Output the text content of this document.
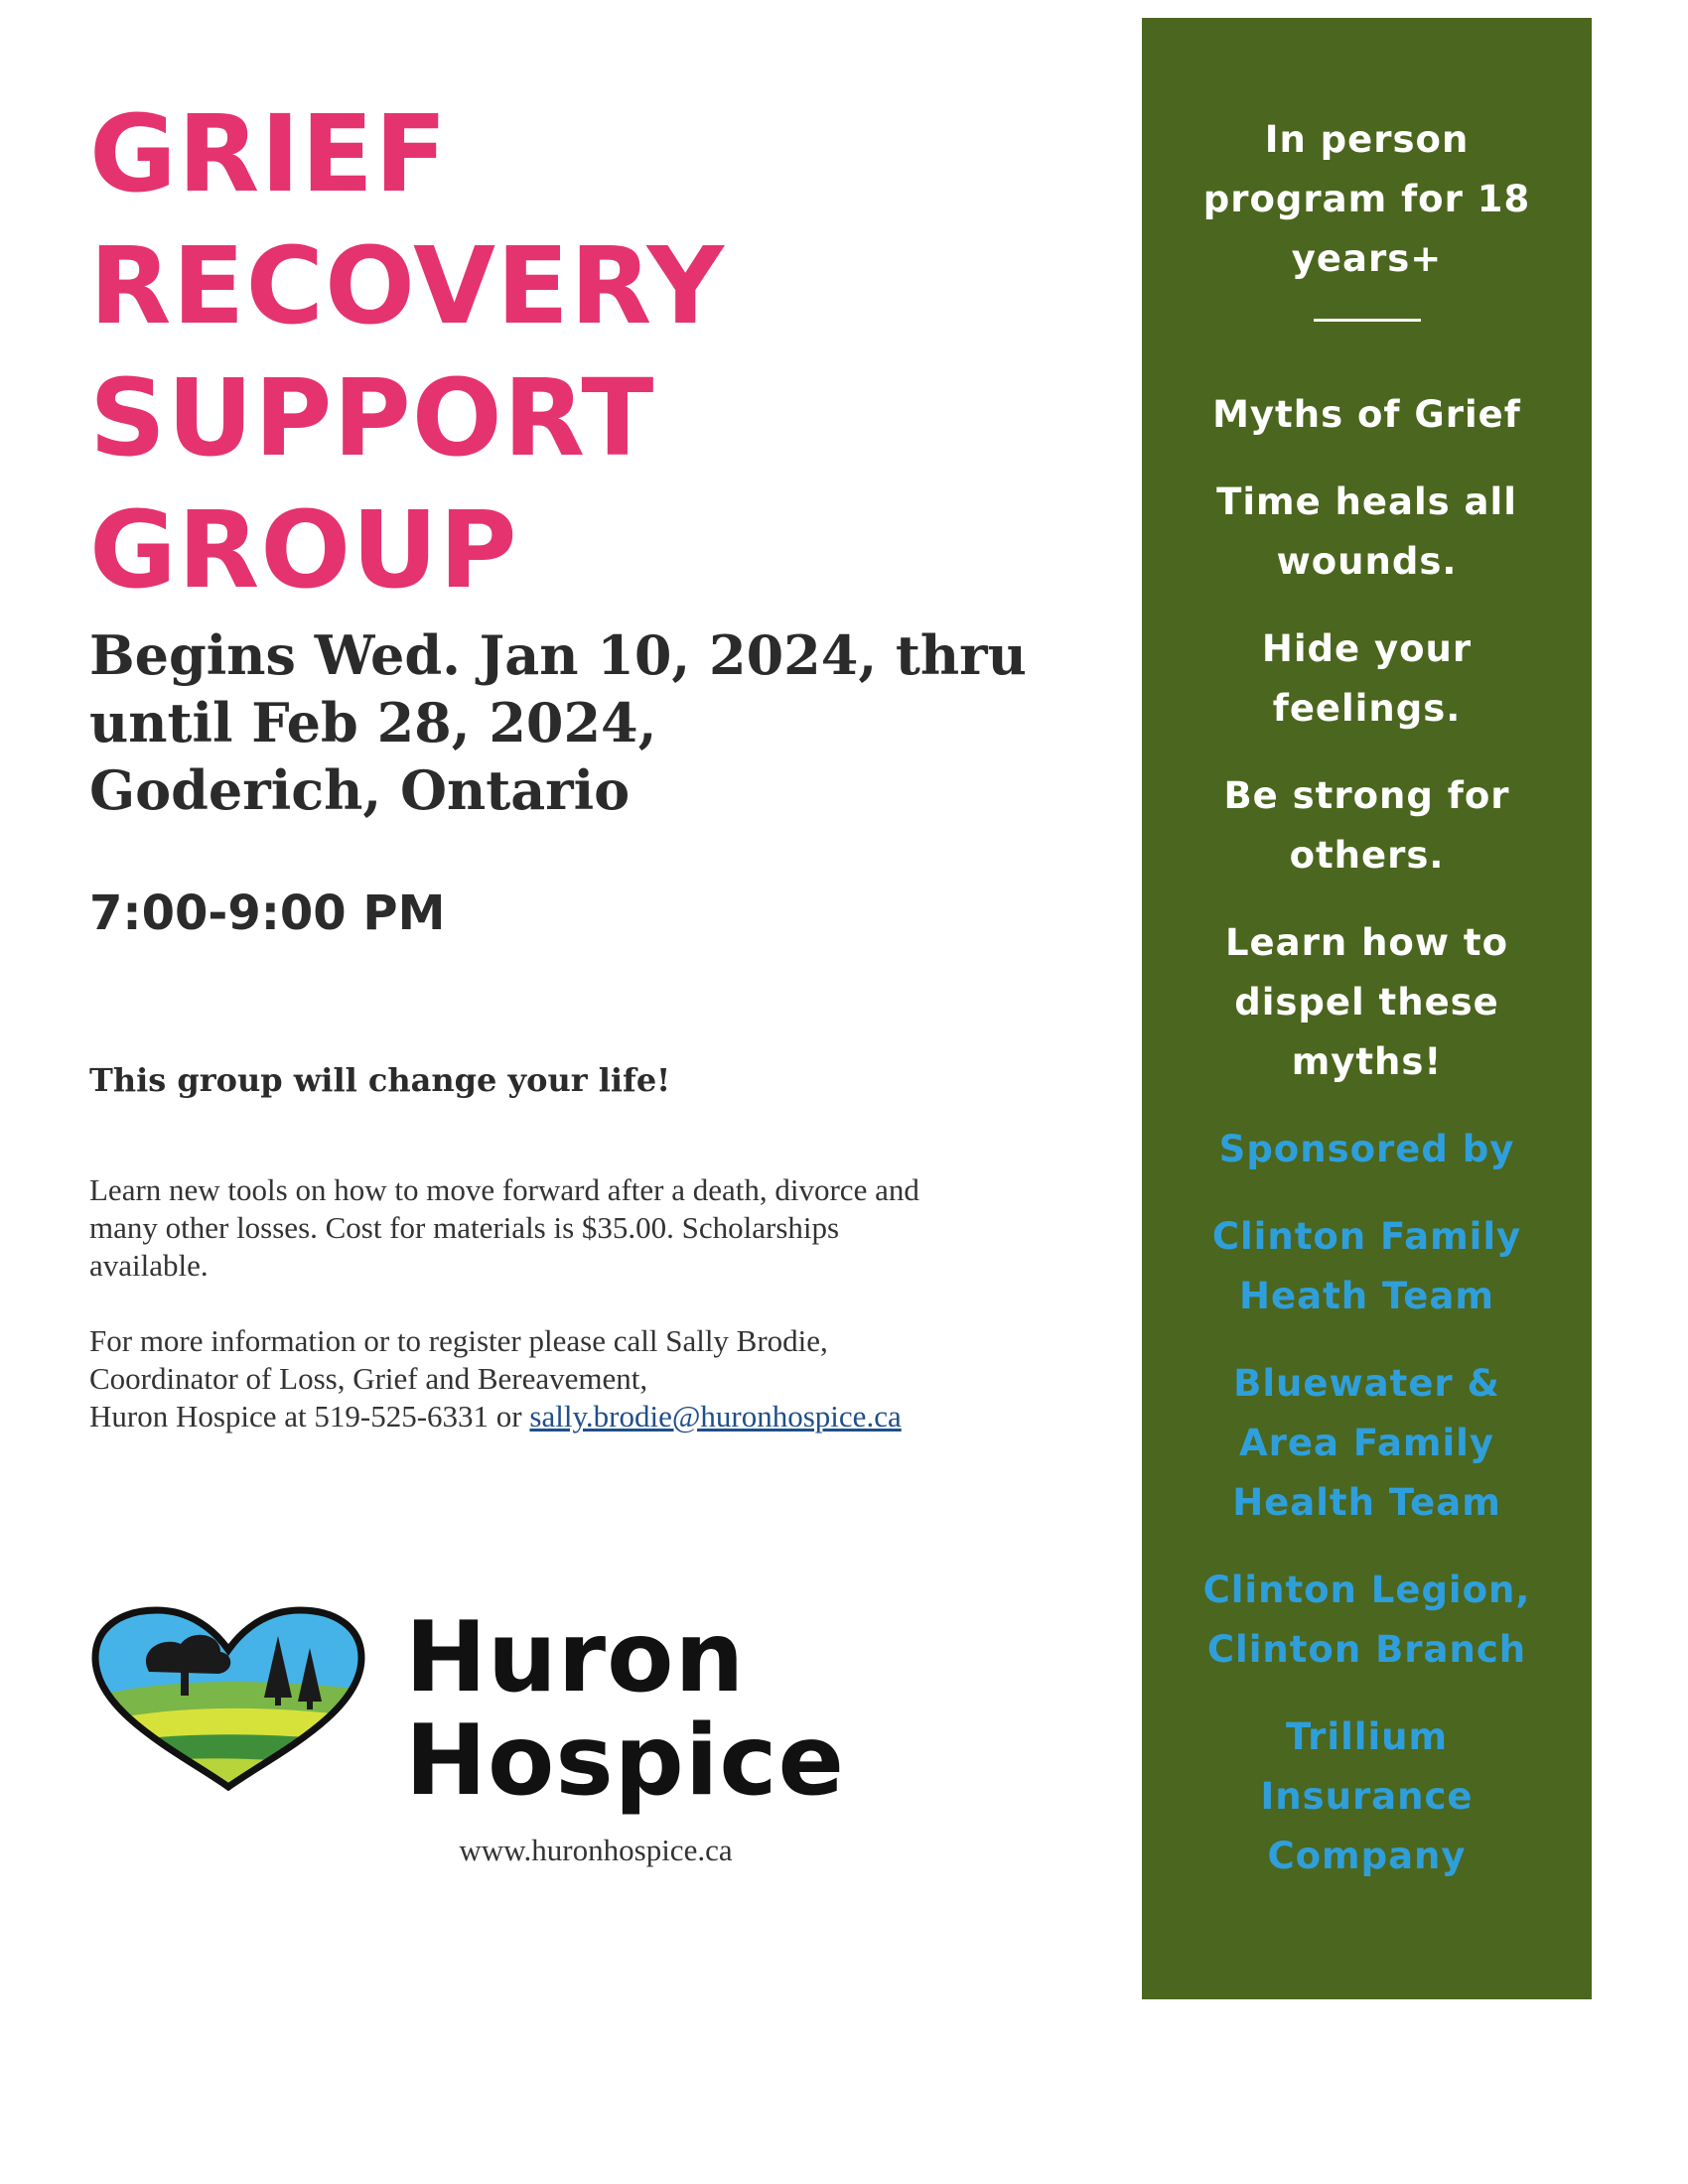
GRIEF
RECOVERY
SUPPORT
GROUP
Begins Wed. Jan 10, 2024, thru
until Feb 28, 2024,
Goderich, Ontario
7:00-9:00 PM
This group will change your life!

Learn new tools on how to move forward after a death, divorce and
many other losses. Cost for materials is $35.00. Scholarships
available.

For more information or to register please call Sally Brodie,
Coordinator of Loss, Grief and Bereavement,
Huron Hospice at 519-525-6331 or sally.brodie@huronhospice.ca

Huron
Hospice
www.huronhospice.ca
In person
program for 18
years+
Myths of Grief
Time heals all
wounds.
Hide your
feelings.
Be strong for
others.
Learn how to
dispel these
myths!
Sponsored by
Clinton Family
Heath Team
Bluewater &
Area Family
Health Team
Clinton Legion,
Clinton Branch
Trillium
Insurance
Company
